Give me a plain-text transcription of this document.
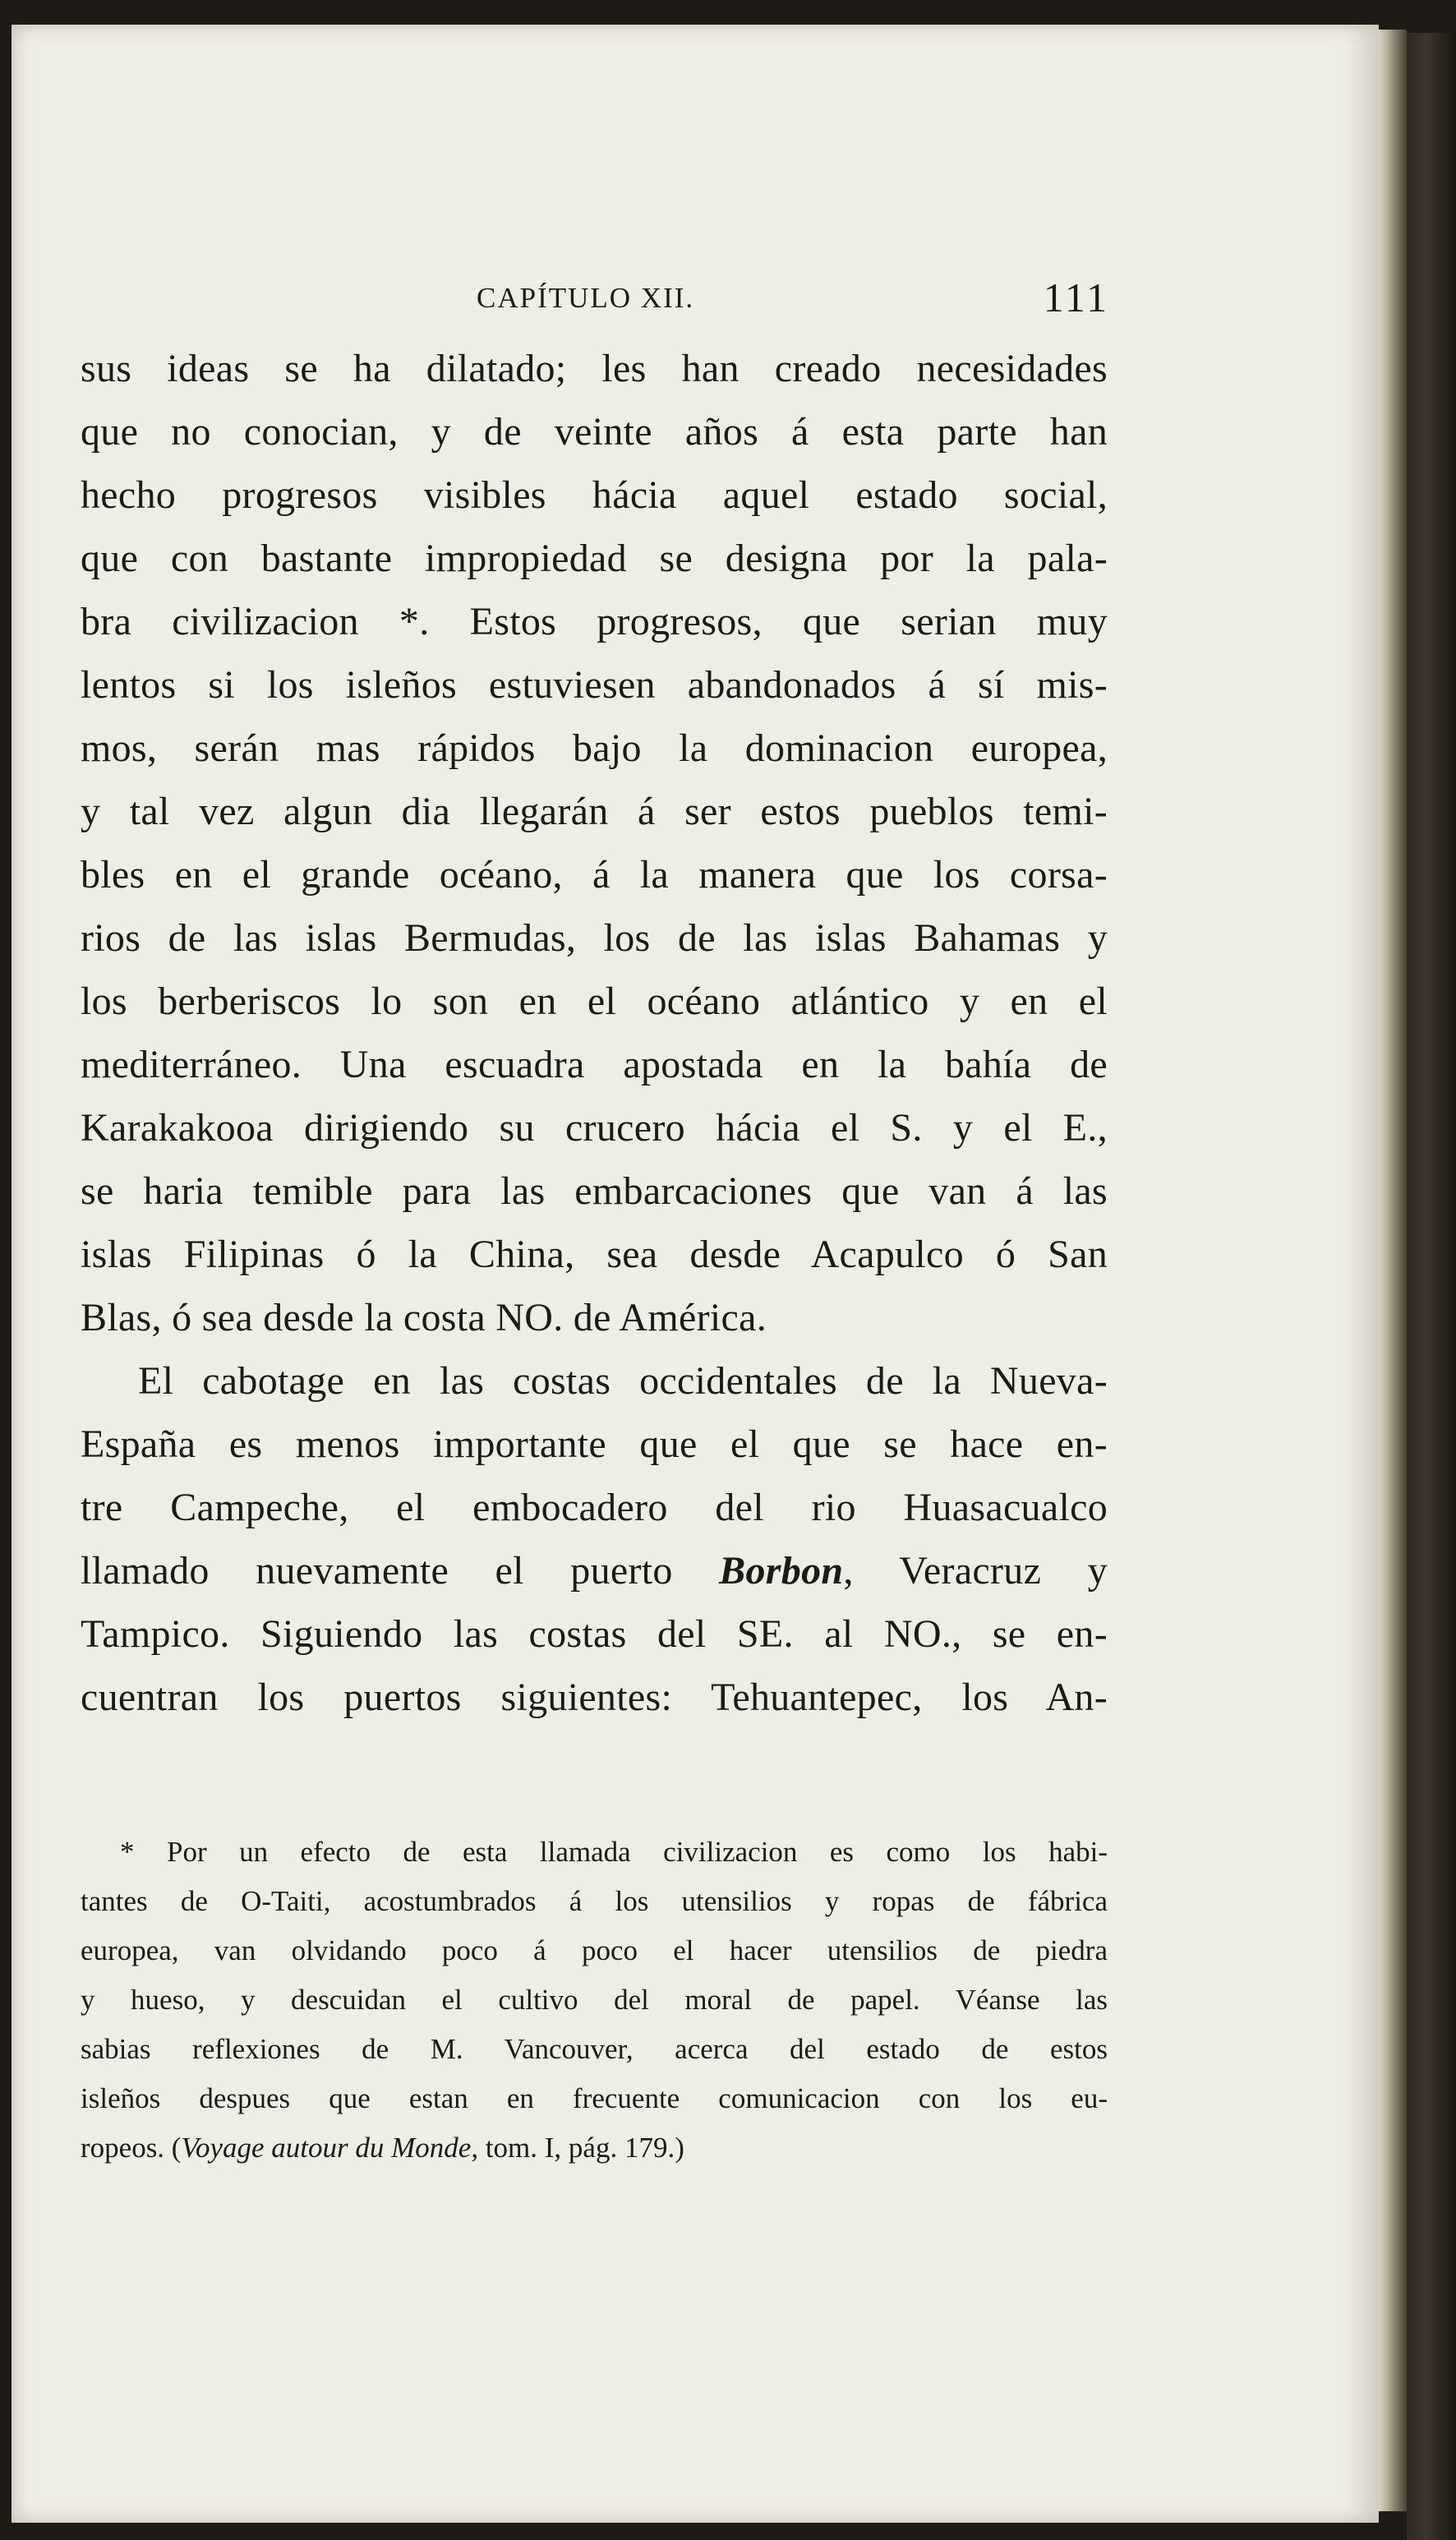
CAPÍTULO XII.	111
sus ideas se ha dilatado; les han creado necesidades
que no conocian, y de veinte años á esta parte han
hecho progresos visibles hácia aquel estado social,
que con bastante impropiedad se designa por la pala-
bra civilizacion *. Estos progresos, que serian muy
lentos si los isleños estuviesen abandonados á sí mis-
mos, serán mas rápidos bajo la dominacion europea,
y tal vez algun dia llegarán á ser estos pueblos temi-
bles en el grande océano, á la manera que los corsa-
rios de las islas Bermudas, los de las islas Bahamas y
los berberiscos lo son en el océano atlántico y en el
mediterráneo. Una escuadra apostada en la bahía de
Karakakooa dirigiendo su crucero hácia el S. y el E.,
se haria temible para las embarcaciones que van á las
islas Filipinas ó la China, sea desde Acapulco ó San
Blas, ó sea desde la costa NO. de América.
El cabotage en las costas occidentales de la Nueva-
España es menos importante que el que se hace en-
tre Campeche, el embocadero del rio Huasacualco
llamado nuevamente el puerto Borbon, Veracruz y
Tampico. Siguiendo las costas del SE. al NO., se en-
cuentran los puertos siguientes: Tehuantepec, los An-
* Por un efecto de esta llamada civilizacion es como los habi-
tantes de O-Taiti, acostumbrados á los utensilios y ropas de fábrica
europea, van olvidando poco á poco el hacer utensilios de piedra
y hueso, y descuidan el cultivo del moral de papel. Véanse las
sabias reflexiones de M. Vancouver, acerca del estado de estos
isleños despues que estan en frecuente comunicacion con los eu-
ropeos. (Voyage autour du Monde, tom. I, pág. 179.)
